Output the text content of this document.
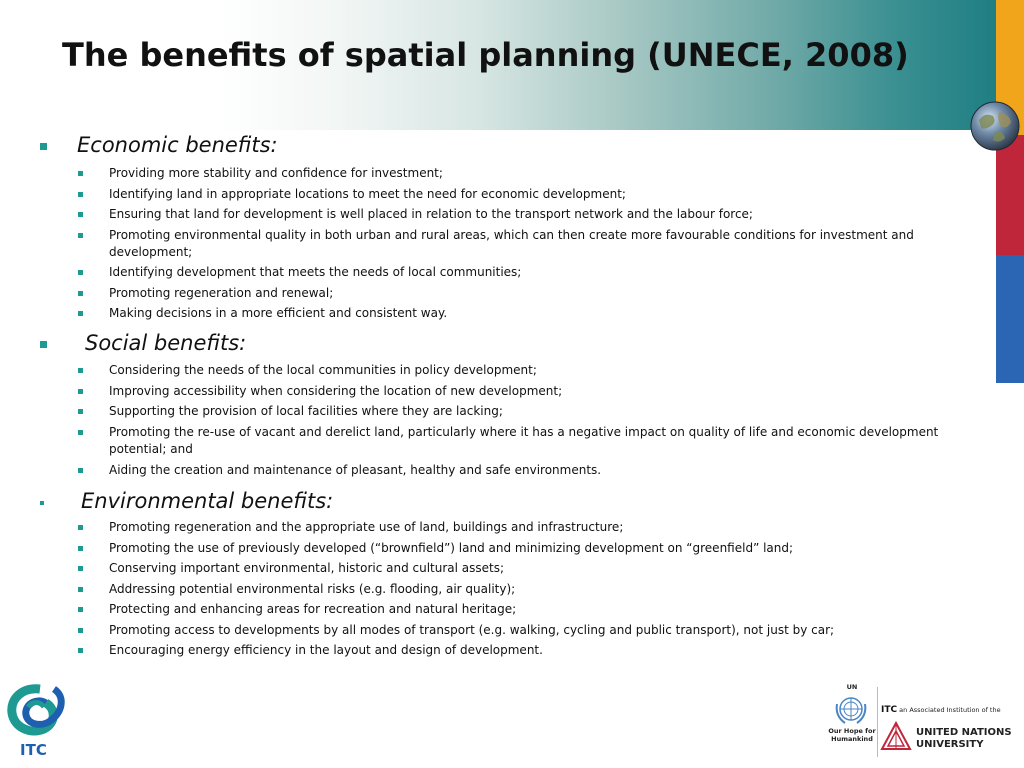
The benefits of spatial planning (UNECE, 2008)
Economic benefits:
Providing more stability and confidence for investment;
Identifying land in appropriate locations to meet the need for economic development;
Ensuring that land for development is well placed in relation to the transport network and the labour force;
Promoting environmental quality in both urban and rural areas, which can then create more favourable conditions for investment and development;
Identifying development that meets the needs of local communities;
Promoting regeneration and renewal;
Making decisions in a more efficient and consistent way.
Social benefits:
Considering the needs of the local communities in policy development;
Improving accessibility when considering the location of new development;
Supporting the provision of local facilities where they are lacking;
Promoting the re-use of vacant and derelict land, particularly where it has a negative impact on quality of life and economic development potential; and
Aiding the creation and maintenance of pleasant, healthy and safe environments.
Environmental benefits:
Promoting regeneration and the appropriate use of land, buildings and infrastructure;
Promoting the use of previously developed (“brownfield”) land and minimizing development on “greenfield” land;
Conserving important environmental, historic and cultural assets;
Addressing potential environmental risks (e.g. flooding, air quality);
Protecting and enhancing areas for recreation and natural heritage;
Promoting access to developments by all modes of transport (e.g. walking, cycling and public transport), not just by car;
Encouraging energy efficiency in the layout and design of development.
ITC
UN
Our Hope for Humankind
ITC an Associated Institution of the
UNITED NATIONS
UNIVERSITY
